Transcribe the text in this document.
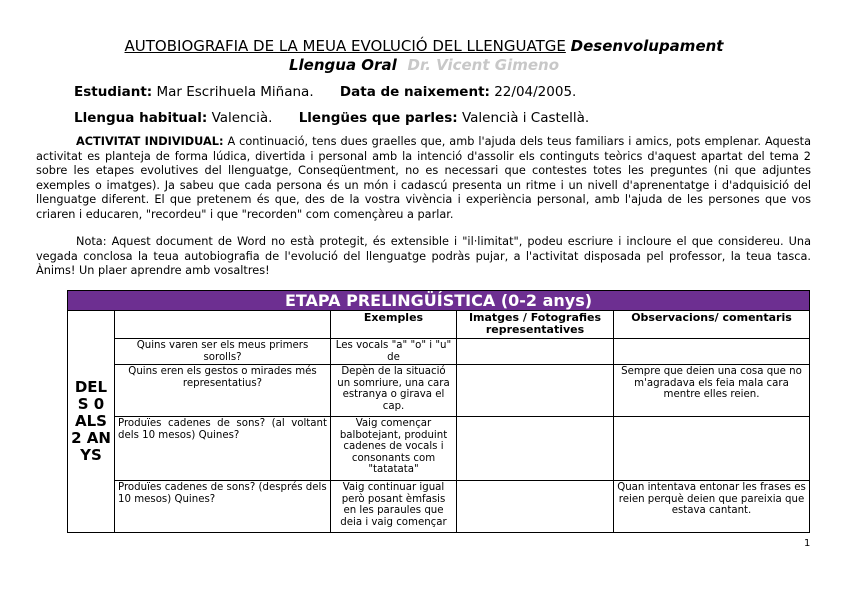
AUTOBIOGRAFIA DE LA MEUA EVOLUCIÓ DEL LLENGUATGE Desenvolupament
Llengua Oral Dr. Vicent Gimeno
Estudiant: Mar Escrihuela Miñana. Data de naixement: 22/04/2005.
Llengua habitual: Valencià. Llengües que parles: Valencià i Castellà.
ACTIVITAT INDIVIDUAL: A continuació, tens dues graelles que, amb l'ajuda dels teus familiars i amics, pots emplenar. Aquesta activitat es planteja de forma lúdica, divertida i personal amb la intenció d'assolir els continguts teòrics d'aquest apartat del tema 2 sobre les etapes evolutives del llenguatge, Conseqüentment, no es necessari que contestes totes les preguntes (ni que adjuntes exemples o imatges). Ja sabeu que cada persona és un món i cadascú presenta un ritme i un nivell d'aprenentatge i d'adquisició del llenguatge diferent. El que pretenem és que, des de la vostra vivència i experiència personal, amb l'ajuda de les persones que vos criaren i educaren, "recordeu" i que "recorden" com començàreu a parlar.
Nota: Aquest document de Word no està protegit, és extensible i "il·limitat", podeu escriure i incloure el que considereu. Una vegada conclosa la teua autobiografia de l'evolució del llenguatge podràs pujar, a l'activitat disposada pel professor, la teua tasca. Ànims! Un plaer aprendre amb vosaltres!
ETAPA PRELINGÜÍSTICA (0-2 anys)				
DEL S 0 ALS 2 AN YS		Exemples	Imatges / Fotografies representatives	Observacions/ comentaris
	Quins varen ser els meus primers sorolls?	Les vocals "a" "o" i "u" de		
	Quins eren els gestos o mirades més representatius?	Depèn de la situació un somriure, una cara estranya o girava el cap.		Sempre que deien una cosa que no m'agradava els feia mala cara mentre elles reien.
	Produïes cadenes de sons? (al voltant dels 10 mesos) Quines?	Vaig començar balbotejant, produint cadenes de vocals i consonants com "tatatata"		
	Produïes cadenes de sons? (després dels 10 mesos) Quines?	Vaig continuar igual però posant èmfasis en les paraules que deia i vaig començar		Quan intentava entonar les frases es reien perquè deien que pareixia que estava cantant.
1
